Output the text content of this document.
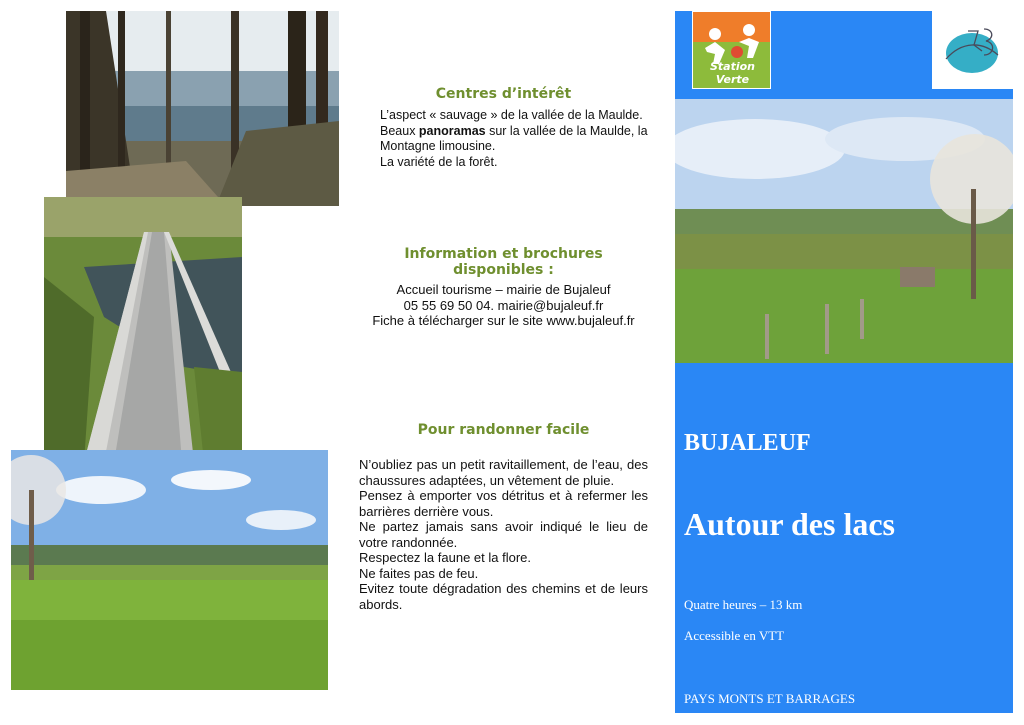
Centres d’intérêt

L’aspect « sauvage » de la vallée de la Maulde.

Beaux panoramas sur la vallée de la Maulde, la Montagne limousine.

La variété de la forêt.

Information et brochures disponibles :

Accueil tourisme – mairie de Bujaleuf

05 55 69 50 04. mairie@bujaleuf.fr

Fiche à télécharger sur le site www.bujaleuf.fr

Pour randonner facile

N’oubliez pas un petit ravitaillement, de l’eau, des chaussures adaptées, un vêtement de pluie.

Pensez à emporter vos détritus et à refermer les barrières derrière vous.

Ne partez jamais sans avoir indiqué le lieu de votre randonnée.

Respectez la faune et la flore.

Ne faites pas de feu.

Evitez toute dégradation des chemins et de leurs abords.

Station Verte
BUJALEUF
Autour des lacs
Quatre heures – 13 km
Accessible en VTT
PAYS MONTS ET BARRAGES
